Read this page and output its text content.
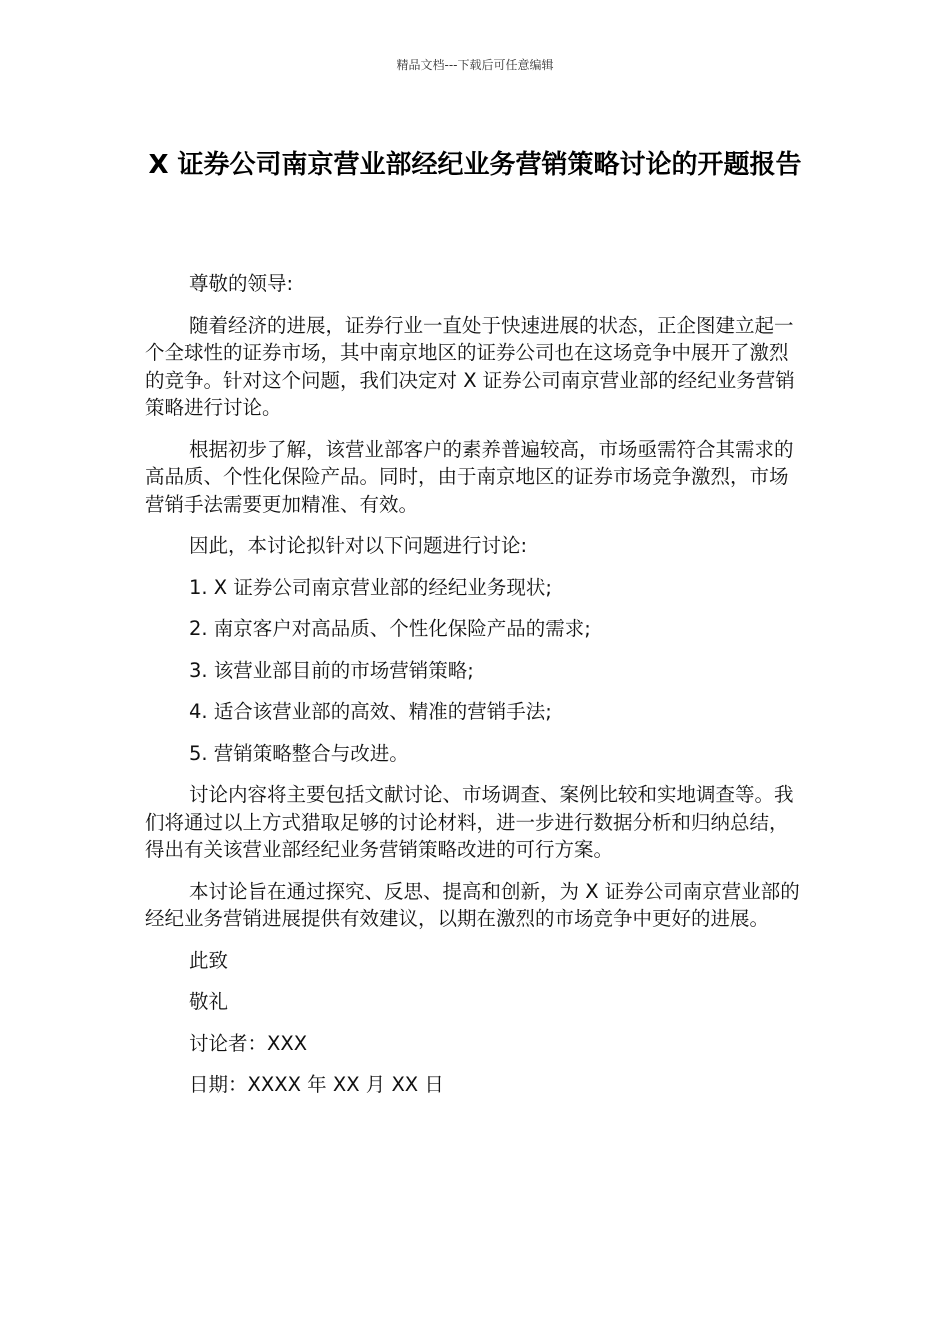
精品文档---下载后可任意编辑
X 证券公司南京营业部经纪业务营销策略讨论的开题报告

尊敬的领导:

随着经济的进展，证券行业一直处于快速进展的状态，正企图建立起一个全球性的证券市场，其中南京地区的证券公司也在这场竞争中展开了激烈的竞争。针对这个问题，我们决定对 X 证券公司南京营业部的经纪业务营销策略进行讨论。

根据初步了解，该营业部客户的素养普遍较高，市场亟需符合其需求的高品质、个性化保险产品。同时，由于南京地区的证券市场竞争激烈，市场营销手法需要更加精准、有效。

因此，本讨论拟针对以下问题进行讨论:

1. X 证券公司南京营业部的经纪业务现状;

2. 南京客户对高品质、个性化保险产品的需求;

3. 该营业部目前的市场营销策略;

4. 适合该营业部的高效、精准的营销手法;

5. 营销策略整合与改进。

讨论内容将主要包括文献讨论、市场调查、案例比较和实地调查等。我们将通过以上方式猎取足够的讨论材料，进一步进行数据分析和归纳总结，得出有关该营业部经纪业务营销策略改进的可行方案。

本讨论旨在通过探究、反思、提高和创新，为 X 证券公司南京营业部的经纪业务营销进展提供有效建议，以期在激烈的市场竞争中更好的进展。

此致

敬礼

讨论者：XXX

日期：XXXX 年 XX 月 XX 日
